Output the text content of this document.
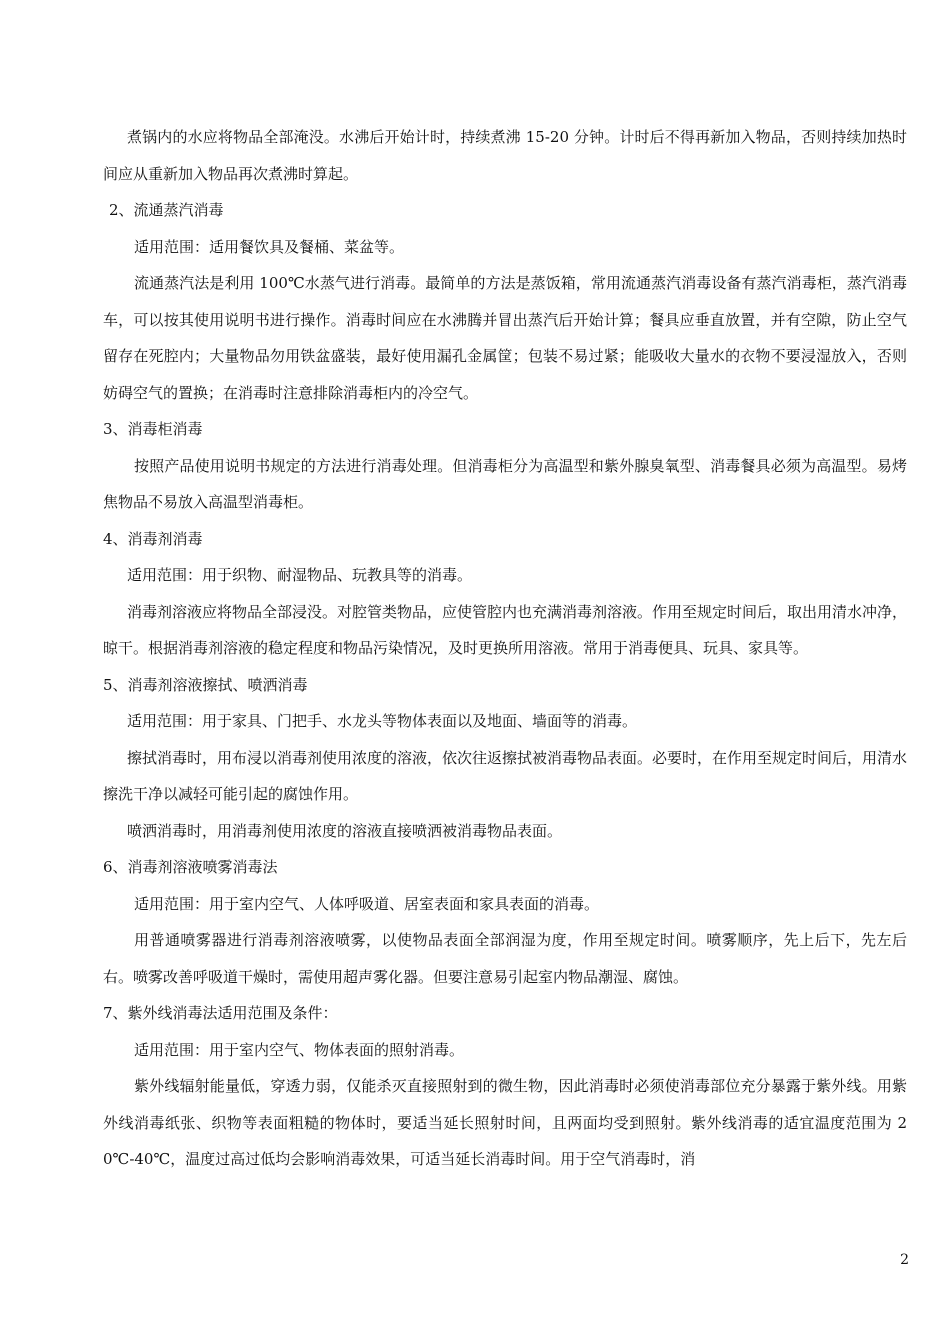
煮锅内的水应将物品全部淹没。水沸后开始计时，持续煮沸 15-20 分钟。计时后不得再新加入物品，否则持续加热时间应从重新加入物品再次煮沸时算起。

2、流通蒸汽消毒

适用范围：适用餐饮具及餐桶、菜盆等。

流通蒸汽法是利用 100℃水蒸气进行消毒。最简单的方法是蒸饭箱，常用流通蒸汽消毒设备有蒸汽消毒柜，蒸汽消毒车，可以按其使用说明书进行操作。消毒时间应在水沸腾并冒出蒸汽后开始计算；餐具应垂直放置，并有空隙，防止空气留存在死腔内；大量物品勿用铁盆盛装，最好使用漏孔金属筐；包装不易过紧；能吸收大量水的衣物不要浸湿放入，否则妨碍空气的置换；在消毒时注意排除消毒柜内的冷空气。

3、消毒柜消毒

按照产品使用说明书规定的方法进行消毒处理。但消毒柜分为高温型和紫外腺臭氧型、消毒餐具必须为高温型。易烤焦物品不易放入高温型消毒柜。

4、消毒剂消毒

适用范围：用于织物、耐湿物品、玩教具等的消毒。

消毒剂溶液应将物品全部浸没。对腔管类物品，应使管腔内也充满消毒剂溶液。作用至规定时间后，取出用清水冲净，晾干。根据消毒剂溶液的稳定程度和物品污染情况，及时更换所用溶液。常用于消毒便具、玩具、家具等。

5、消毒剂溶液擦拭、喷洒消毒

适用范围：用于家具、门把手、水龙头等物体表面以及地面、墙面等的消毒。

擦拭消毒时，用布浸以消毒剂使用浓度的溶液，依次往返擦拭被消毒物品表面。必要时，在作用至规定时间后，用清水擦洗干净以减轻可能引起的腐蚀作用。

喷洒消毒时，用消毒剂使用浓度的溶液直接喷洒被消毒物品表面。

6、消毒剂溶液喷雾消毒法

适用范围：用于室内空气、人体呼吸道、居室表面和家具表面的消毒。

用普通喷雾器进行消毒剂溶液喷雾，以使物品表面全部润湿为度，作用至规定时间。喷雾顺序，先上后下，先左后右。喷雾改善呼吸道干燥时，需使用超声雾化器。但要注意易引起室内物品潮湿、腐蚀。

7、紫外线消毒法适用范围及条件：

适用范围：用于室内空气、物体表面的照射消毒。

紫外线辐射能量低，穿透力弱，仅能杀灭直接照射到的微生物，因此消毒时必须使消毒部位充分暴露于紫外线。用紫外线消毒纸张、织物等表面粗糙的物体时，要适当延长照射时间，且两面均受到照射。紫外线消毒的适宜温度范围为 20℃-40℃，温度过高过低均会影响消毒效果，可适当延长消毒时间。用于空气消毒时，消

2
